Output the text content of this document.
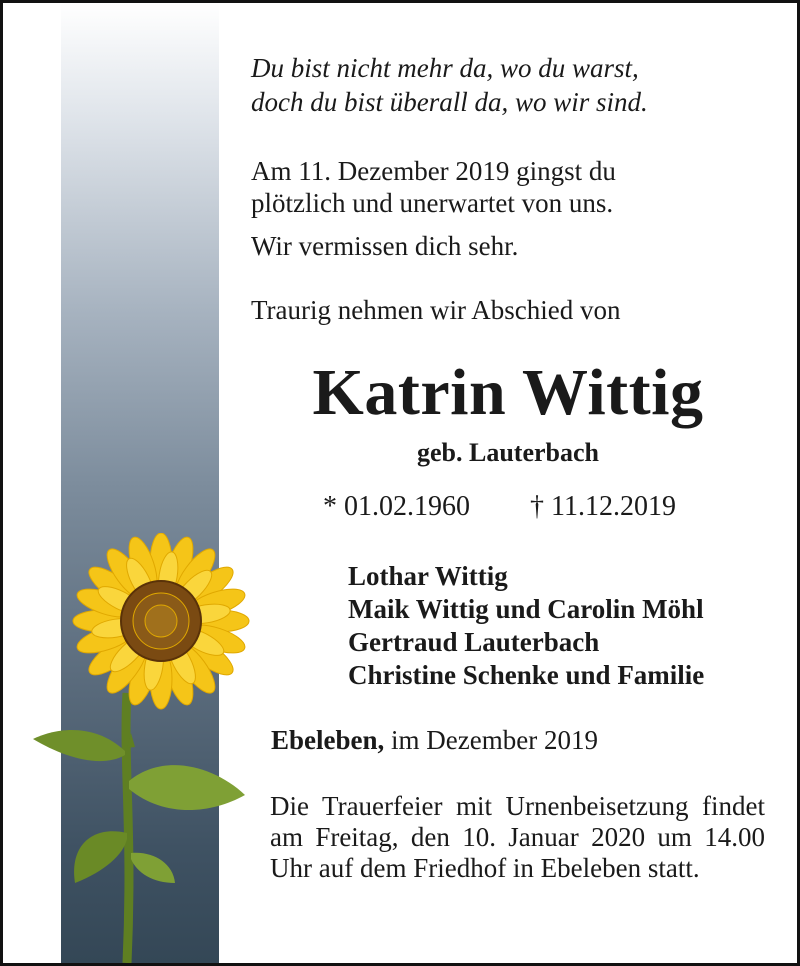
Du bist nicht mehr da, wo du warst,
doch du bist überall da, wo wir sind.

Am 11. Dezember 2019 gingst du
plötzlich und unerwartet von uns.

Wir vermissen dich sehr.

Traurig nehmen wir Abschied von

Katrin Wittig

geb. Lauterbach

* 01.02.1960 † 11.12.2019

Lothar Wittig
Maik Wittig und Carolin Möhl
Gertraud Lauterbach
Christine Schenke und Familie

Ebeleben, im Dezember 2019

Die Trauerfeier mit Urnenbeisetzung findet am Freitag, den 10. Januar 2020 um 14.00 Uhr auf dem Friedhof in Ebeleben statt.
